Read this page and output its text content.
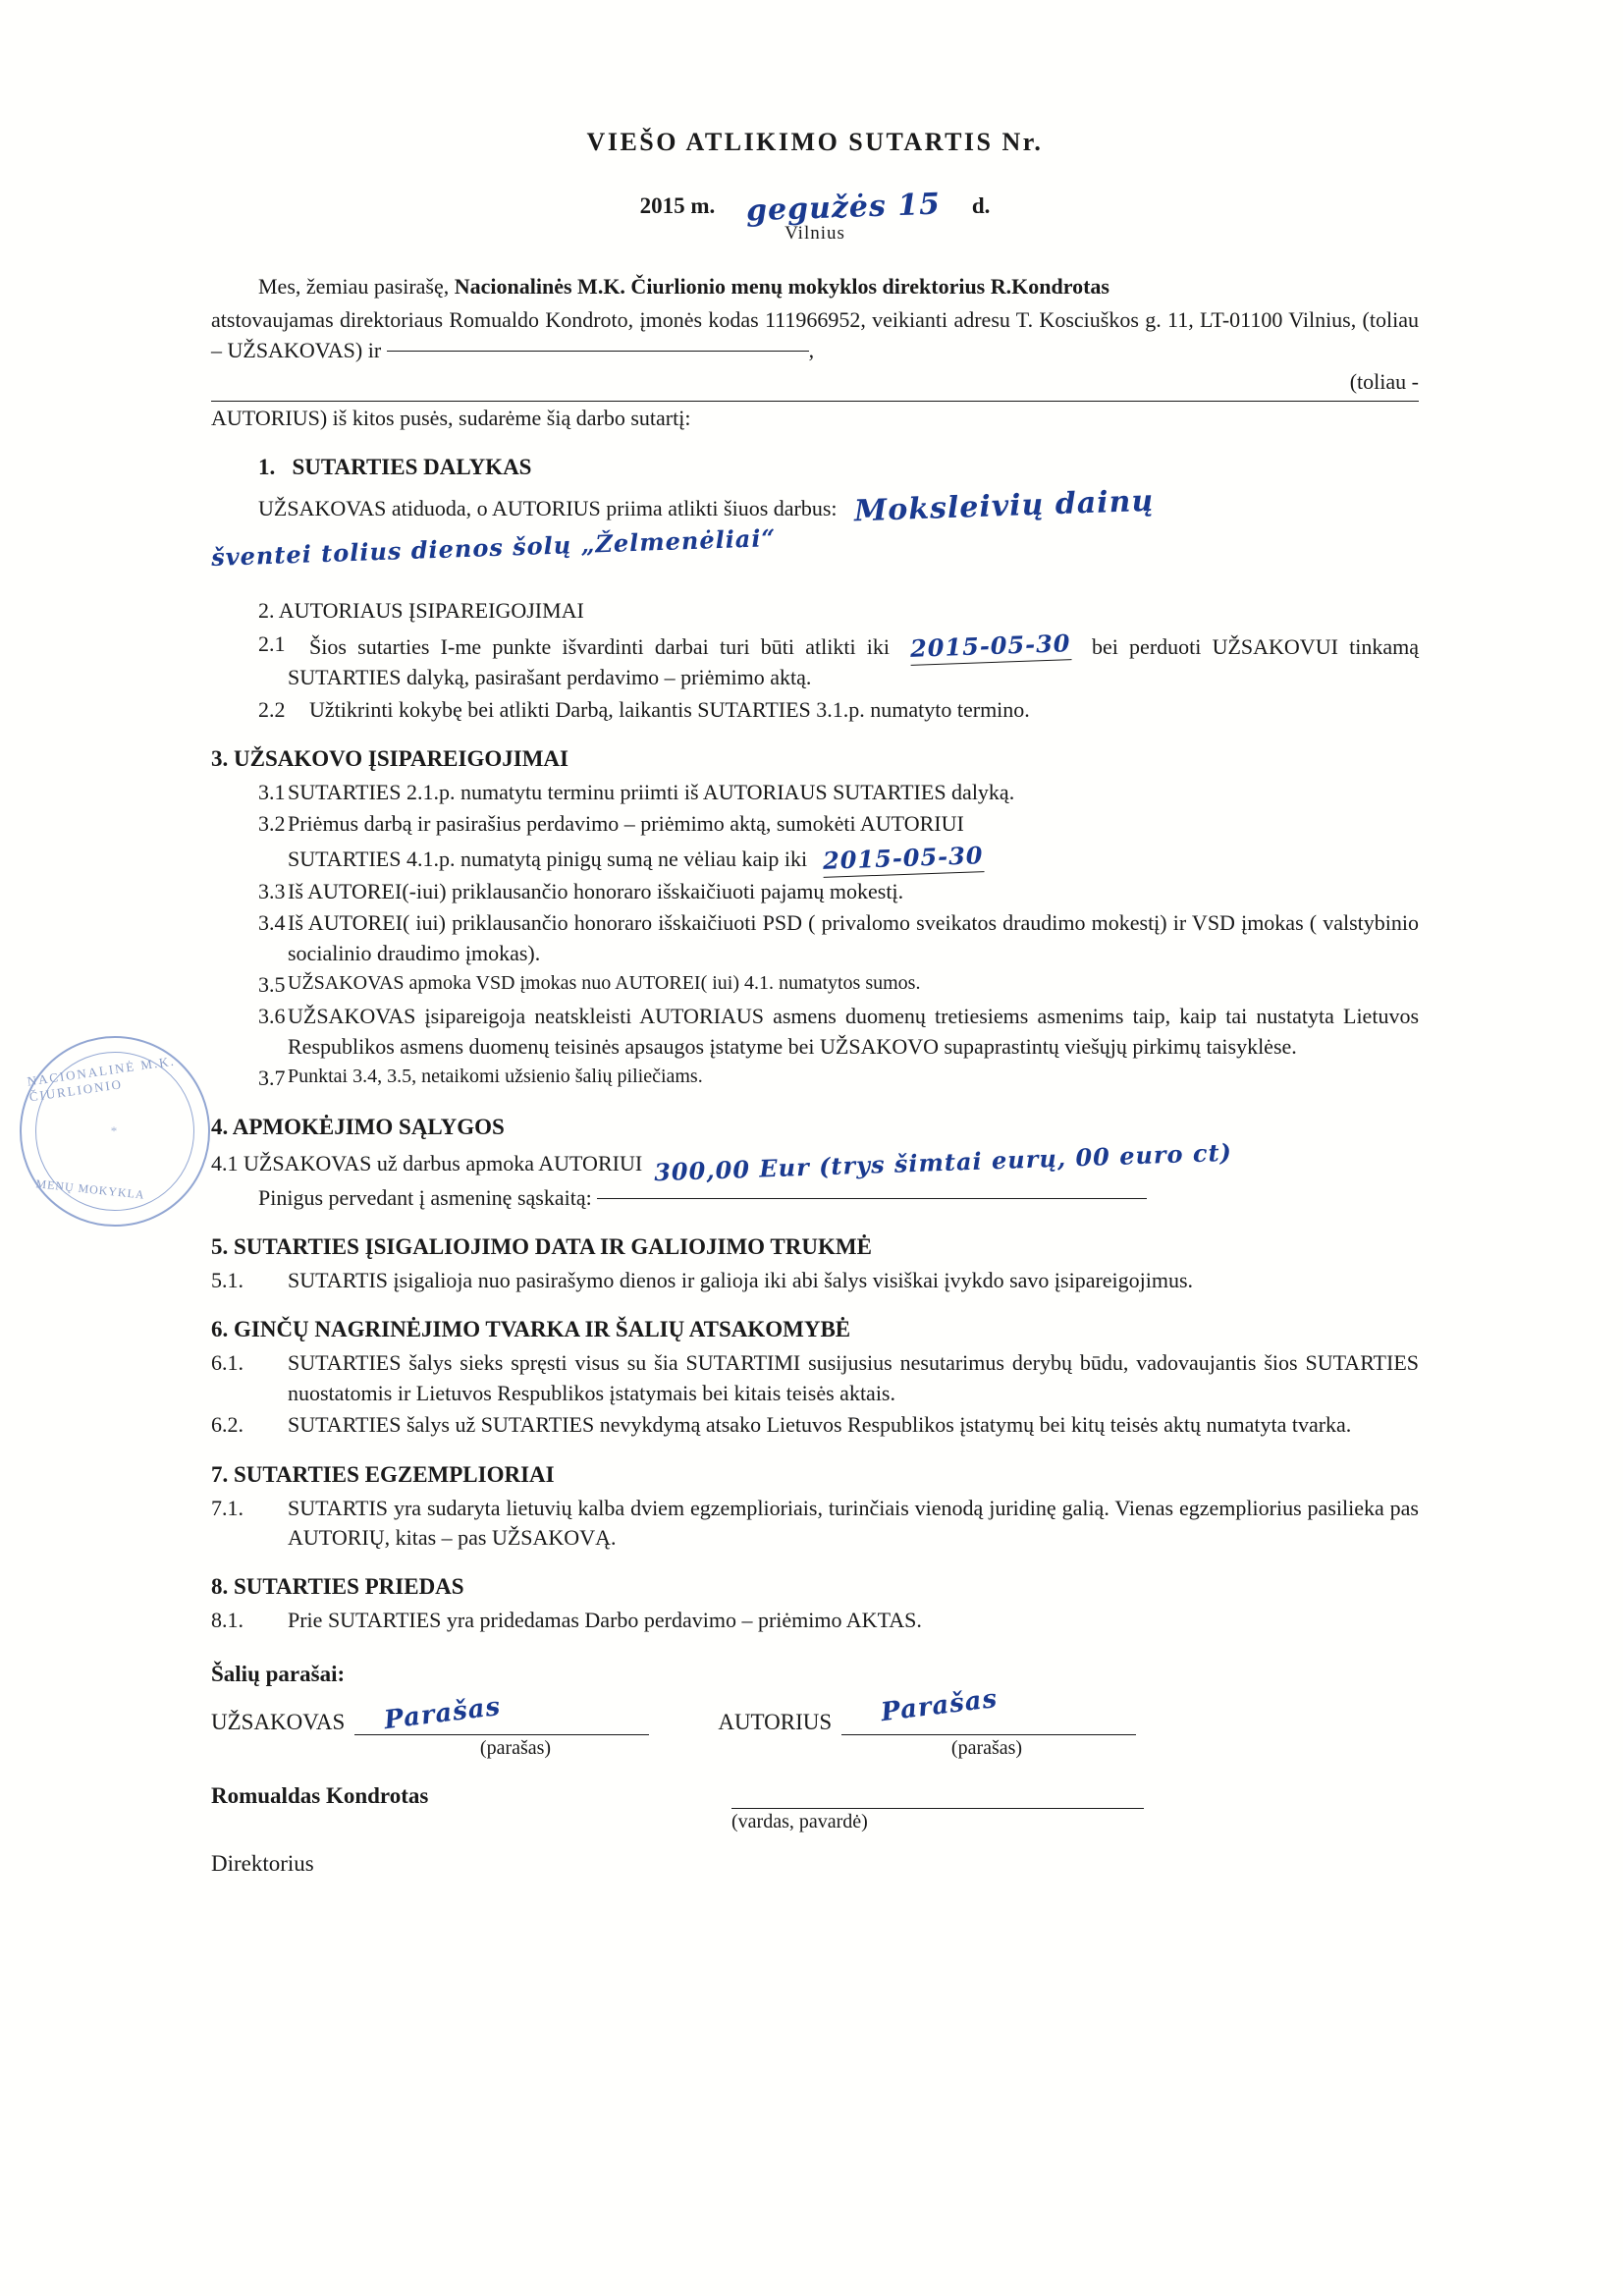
VIEŠO ATLIKIMO SUTARTIS Nr.
2015 m. gegužės 15 d.
Vilnius

Mes, žemiau pasirašę, Nacionalinės M.K. Čiurlionio menų mokyklos direktorius R.Kondrotas

atstovaujamas direktoriaus Romualdo Kondroto, įmonės kodas 111966952, veikianti adresu T. Kosciuškos g. 11, LT-01100 Vilnius, (toliau – UŽSAKOVAS) ir	,

(toliau -

AUTORIUS) iš kitos pusės, sudarėme šią darbo sutartį:

1. SUTARTIES DALYKAS

UŽSAKOVAS atiduoda, o AUTORIUS priima atlikti šiuos darbus: Moksleivių dainų

šventei tolius dienos šolų „Želmenėliai“

2. AUTORIAUS ĮSIPAREIGOJIMAI

2.1	Šios sutarties I-me punkte išvardinti darbai turi būti atlikti iki 2015-05-30 bei perduoti UŽSAKOVUI tinkamą SUTARTIES dalyką, pasirašant perdavimo – priėmimo aktą.
2.2	Užtikrinti kokybę bei atlikti Darbą, laikantis SUTARTIES 3.1.p. numatyto termino.
3. UŽSAKOVO ĮSIPAREIGOJIMAI
3.1 SUTARTIES 2.1.p. numatytu terminu priimti iš AUTORIAUS SUTARTIES dalyką.
3.2 Priėmus darbą ir pasirašius perdavimo – priėmimo aktą, sumokėti AUTORIUI
SUTARTIES 4.1.p. numatytą pinigų sumą ne vėliau kaip iki 2015-05-30
3.3 Iš AUTOREI(-iui) priklausančio honoraro išskaičiuoti pajamų mokestį.
3.4 Iš AUTOREI( iui) priklausančio honoraro išskaičiuoti PSD ( privalomo sveikatos draudimo mokestį) ir VSD įmokas ( valstybinio socialinio draudimo įmokas).
3.5 UŽSAKOVAS apmoka VSD įmokas nuo AUTOREI( iui) 4.1. numatytos sumos.
3.6 UŽSAKOVAS įsipareigoja neatskleisti AUTORIAUS asmens duomenų tretiesiems asmenims taip, kaip tai nustatyta Lietuvos Respublikos asmens duomenų teisinės apsaugos įstatyme bei UŽSAKOVO supaprastintų viešųjų pirkimų taisyklėse.
3.7 Punktai 3.4, 3.5, netaikomi užsienio šalių piliečiams.
4. APMOKĖJIMO SĄLYGOS

4.1 UŽSAKOVAS už darbus apmoka AUTORIUI 300,00 Eur (trys šimtai eurų, 00 euro ct)

Pinigus pervedant į asmeninę sąskaitą:

5. SUTARTIES ĮSIGALIOJIMO DATA IR GALIOJIMO TRUKMĖ
5.1.	SUTARTIS įsigalioja nuo pasirašymo dienos ir galioja iki abi šalys visiškai įvykdo savo įsipareigojimus.
6. GINČŲ NAGRINĖJIMO TVARKA IR ŠALIŲ ATSAKOMYBĖ
6.1.	SUTARTIES šalys sieks spręsti visus su šia SUTARTIMI susijusius nesutarimus derybų būdu, vadovaujantis šios SUTARTIES nuostatomis ir Lietuvos Respublikos įstatymais bei kitais teisės aktais.
6.2.	SUTARTIES šalys už SUTARTIES nevykdymą atsako Lietuvos Respublikos įstatymų bei kitų teisės aktų numatyta tvarka.
7. SUTARTIES EGZEMPLIORIAI
7.1.	SUTARTIS yra sudaryta lietuvių kalba dviem egzemplioriais, turinčiais vienodą juridinę galią. Vienas egzempliorius pasilieka pas AUTORIŲ, kitas – pas UŽSAKOVĄ.
8. SUTARTIES PRIEDAS
8.1.	Prie SUTARTIES yra pridedamas Darbo perdavimo – priėmimo AKTAS.
Šalių parašai:
UŽSAKOVAS Parašas	AUTORIUS Parašas
(parašas)	(parašas)
Romualdas Kondrotas
(vardas, pavardė)
Direktorius
NACIONALINĖ M.K. ČIURLIONIO
*
MENŲ MOKYKLA
